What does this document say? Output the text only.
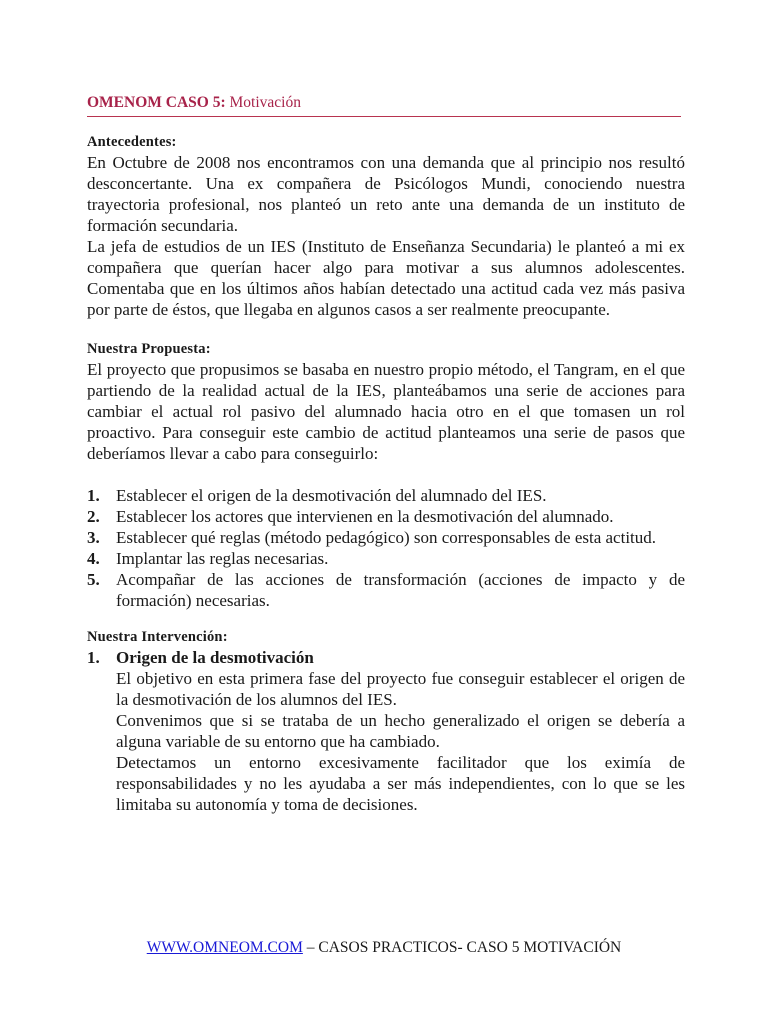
OMENOM CASO 5: Motivación
Antecedentes:

En Octubre de 2008 nos encontramos con una demanda que al principio nos resultó desconcertante. Una ex compañera de Psicólogos Mundi, conociendo nuestra trayectoria profesional, nos planteó un reto ante una demanda de un instituto de formación secundaria.

La jefa de estudios de un IES (Instituto de Enseñanza Secundaria) le planteó a mi ex compañera que querían hacer algo para motivar a sus alumnos adolescentes. Comentaba que en los últimos años habían detectado una actitud cada vez más pasiva por parte de éstos, que llegaba en algunos casos a ser realmente preocupante.

Nuestra Propuesta:

El proyecto que propusimos se basaba en nuestro propio método, el Tangram, en el que partiendo de la realidad actual de la IES, planteábamos una serie de acciones para cambiar el actual rol pasivo del alumnado hacia otro en el que tomasen un rol proactivo. Para conseguir este cambio de actitud planteamos una serie de pasos que deberíamos llevar a cabo para conseguirlo:

1. Establecer el origen de la desmotivación del alumnado del IES.
2. Establecer los actores que intervienen en la desmotivación del alumnado.
3. Establecer qué reglas (método pedagógico) son corresponsables de esta actitud.
4. Implantar las reglas necesarias.
5. Acompañar de las acciones de transformación (acciones de impacto y de formación) necesarias.
Nuestra Intervención:
1. Origen de la desmotivación

El objetivo en esta primera fase del proyecto fue conseguir establecer el origen de la desmotivación de los alumnos del IES.

Convenimos que si se trataba de un hecho generalizado el origen se debería a alguna variable de su entorno que ha cambiado.

Detectamos un entorno excesivamente facilitador que los eximía de responsabilidades y no les ayudaba a ser más independientes, con lo que se les limitaba su autonomía y toma de decisiones.

WWW.OMNEOM.COM – CASOS PRACTICOS- CASO 5 MOTIVACIÓN
